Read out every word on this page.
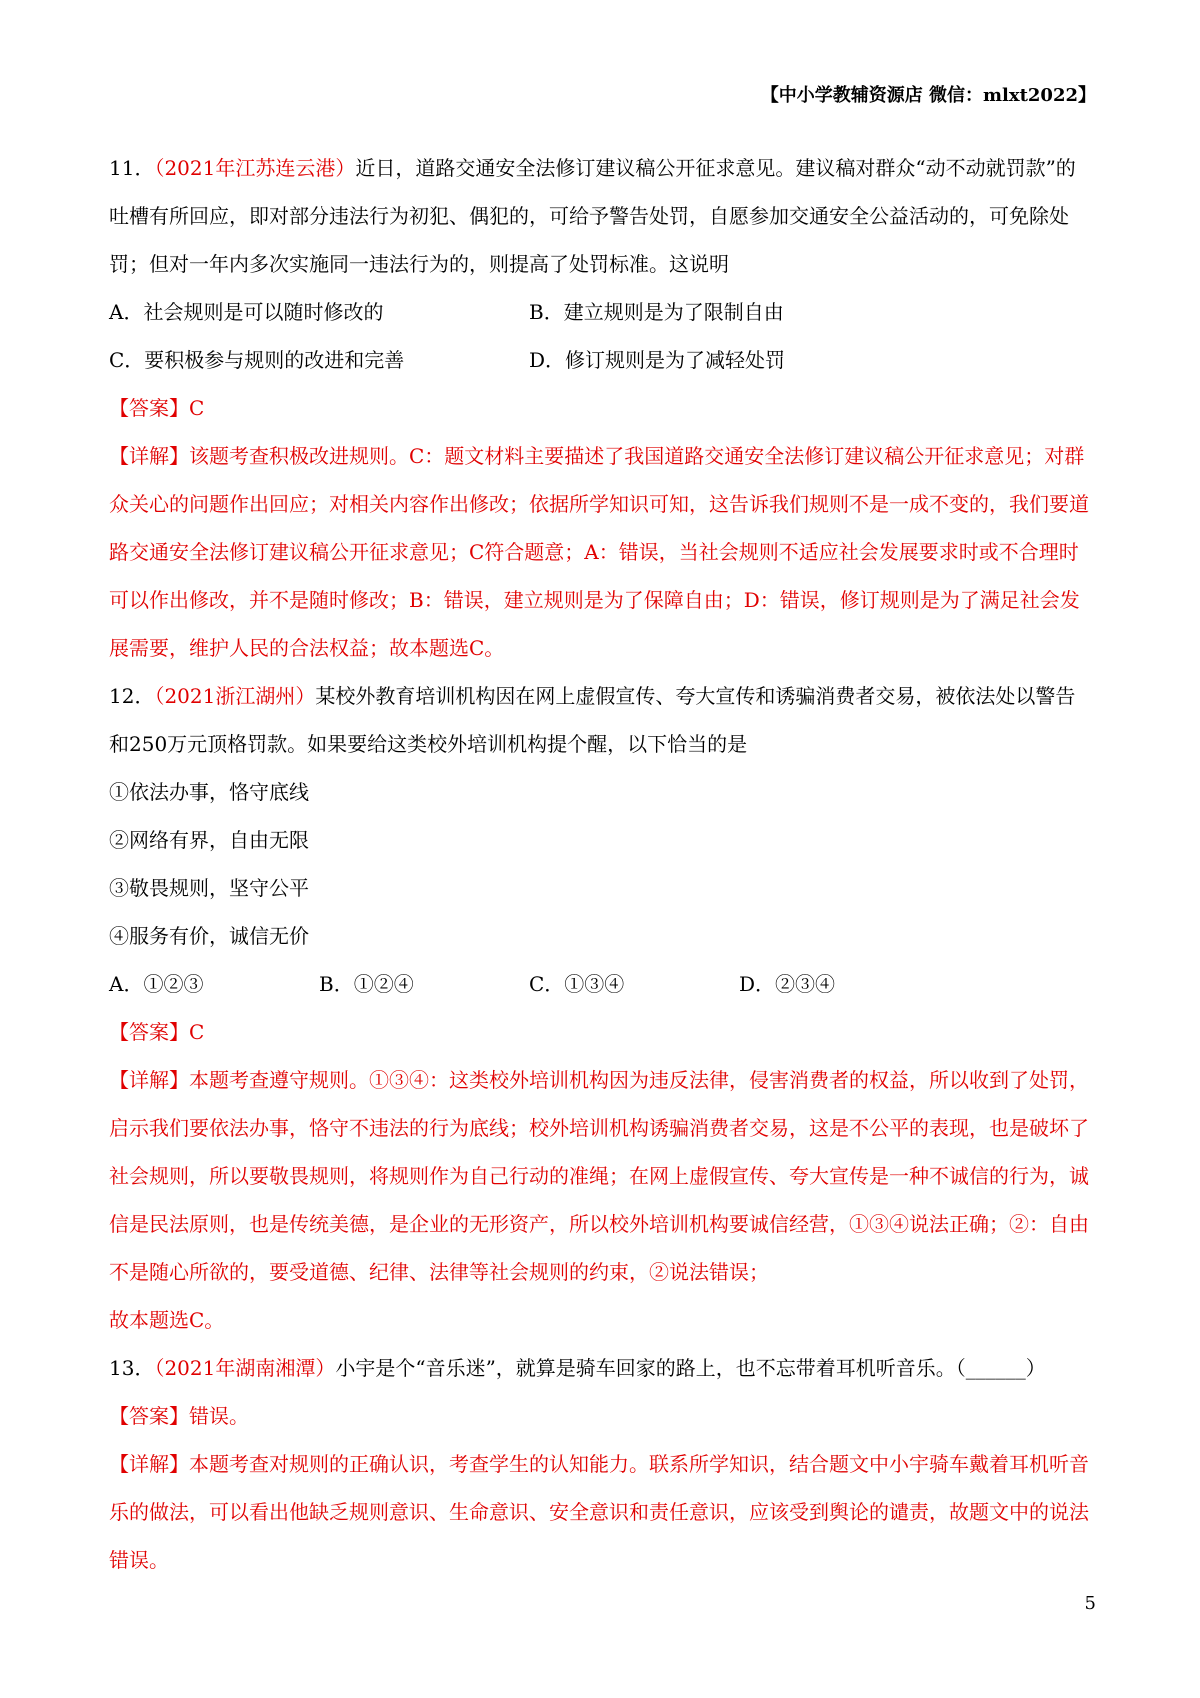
【中小学教辅资源店 微信：mlxt2022】

11．（2021年江苏连云港）近日，道路交通安全法修订建议稿公开征求意见。建议稿对群众“动不动就罚款”的吐槽有所回应，即对部分违法行为初犯、偶犯的，可给予警告处罚，自愿参加交通安全公益活动的，可免除处罚；但对一年内多次实施同一违法行为的，则提高了处罚标准。这说明

A．社会规则是可以随时修改的	B．建立规则是为了限制自由
C．要积极参与规则的改进和完善	D．修订规则是为了减轻处罚

【答案】C

【详解】该题考查积极改进规则。C：题文材料主要描述了我国道路交通安全法修订建议稿公开征求意见；对群众关心的问题作出回应；对相关内容作出修改；依据所学知识可知，这告诉我们规则不是一成不变的，我们要道路交通安全法修订建议稿公开征求意见；C符合题意；A：错误，当社会规则不适应社会发展要求时或不合理时可以作出修改，并不是随时修改；B：错误，建立规则是为了保障自由；D：错误，修订规则是为了满足社会发展需要，维护人民的合法权益；故本题选C。

12．（2021浙江湖州）某校外教育培训机构因在网上虚假宣传、夸大宣传和诱骗消费者交易，被依法处以警告和250万元顶格罚款。如果要给这类校外培训机构提个醒，以下恰当的是

①依法办事，恪守底线

②网络有界，自由无限

③敬畏规则，坚守公平

④服务有价，诚信无价

A．①②③	B．①②④	C．①③④	D．②③④

【答案】C

【详解】本题考查遵守规则。①③④：这类校外培训机构因为违反法律，侵害消费者的权益，所以收到了处罚，启示我们要依法办事，恪守不违法的行为底线；校外培训机构诱骗消费者交易，这是不公平的表现，也是破坏了社会规则，所以要敬畏规则，将规则作为自己行动的准绳；在网上虚假宣传、夸大宣传是一种不诚信的行为，诚信是民法原则，也是传统美德，是企业的无形资产，所以校外培训机构要诚信经营，①③④说法正确；②：自由不是随心所欲的，要受道德、纪律、法律等社会规则的约束，②说法错误；

故本题选C。

13．（2021年湖南湘潭）小宇是个“音乐迷”，就算是骑车回家的路上，也不忘带着耳机听音乐。（______）

【答案】错误。

【详解】本题考查对规则的正确认识，考查学生的认知能力。联系所学知识，结合题文中小宇骑车戴着耳机听音乐的做法，可以看出他缺乏规则意识、生命意识、安全意识和责任意识，应该受到舆论的谴责，故题文中的说法错误。

5
